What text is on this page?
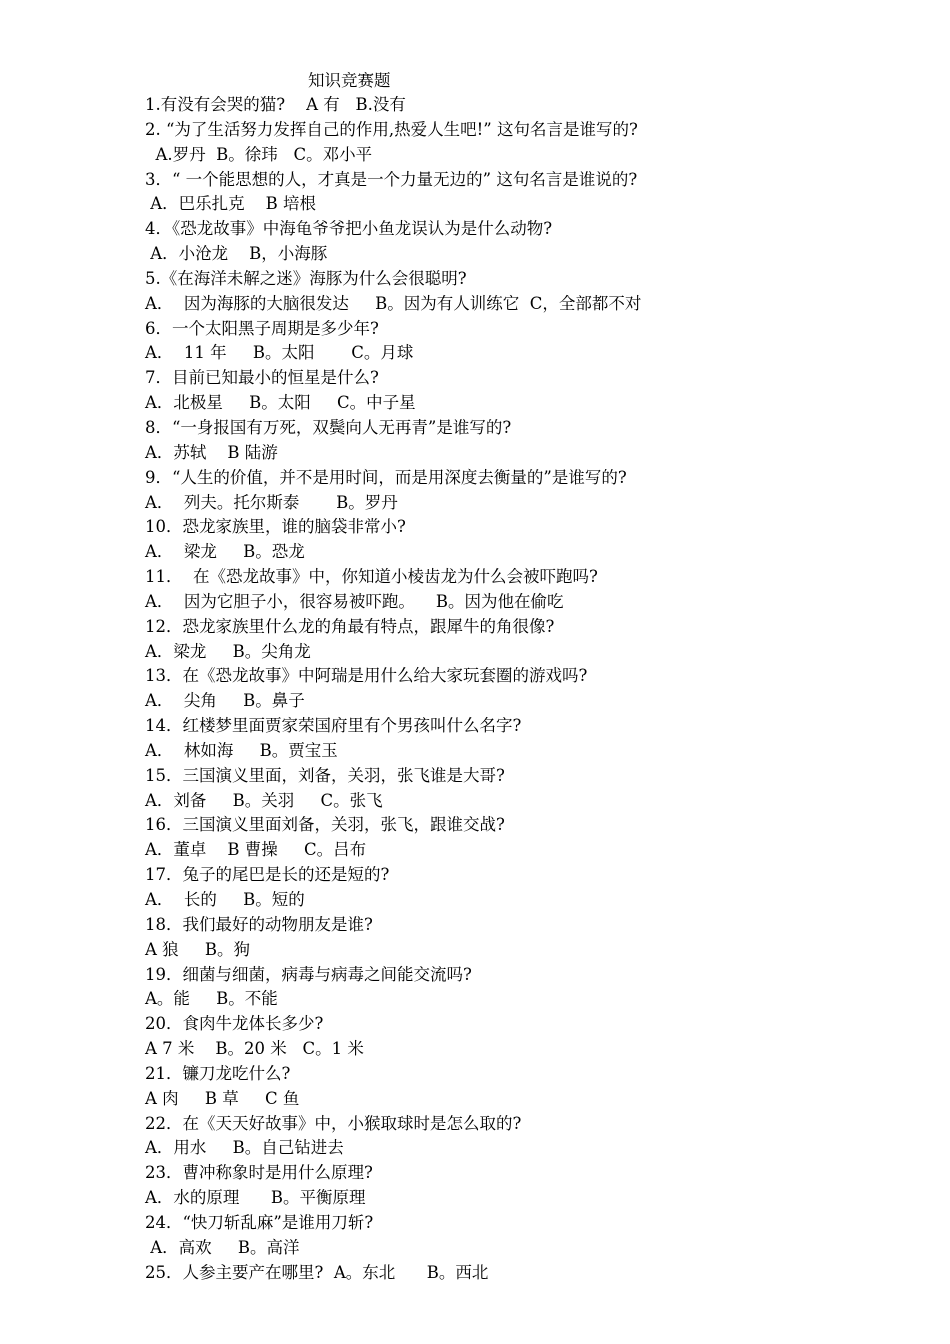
知识竞赛题
1.有没有会哭的猫?    A 有   B.没有
2. “为了生活努力发挥自己的作用,热爱人生吧!” 这句名言是谁写的?
A.罗丹  B。徐玮   C。邓小平
3．“ 一个能思想的人，才真是一个力量无边的” 这句名言是谁说的?
A．巴乐扎克    B 培根
4．《恐龙故事》中海龟爷爷把小鱼龙误认为是什么动物?
A．小沧龙    B，小海豚
5.《在海洋未解之迷》海豚为什么会很聪明?
A．  因为海豚的大脑很发达     B。因为有人训练它  C，全部都不对
6．一个太阳黑子周期是多少年?
A．  11 年     B。太阳       C。月球
7．目前已知最小的恒星是什么?
A．北极星     B。太阳     C。中子星
8．“一身报国有万死，双鬓向人无再青”是谁写的?
A．苏轼    B 陆游
9．“人生的价值，并不是用时间，而是用深度去衡量的”是谁写的?
A．  列夫。托尔斯泰       B。罗丹
10．恐龙家族里，谁的脑袋非常小?
A．  梁龙     B。恐龙
11．  在《恐龙故事》中，你知道小棱齿龙为什么会被吓跑吗?
A．  因为它胆子小，很容易被吓跑。    B。因为他在偷吃
12．恐龙家族里什么龙的角最有特点，跟犀牛的角很像?
A．梁龙     B。尖角龙
13．在《恐龙故事》中阿瑞是用什么给大家玩套圈的游戏吗?
A．  尖角     B。鼻子
14．红楼梦里面贾家荣国府里有个男孩叫什么名字?
A．  林如海     B。贾宝玉
15．三国演义里面，刘备，关羽，张飞谁是大哥?
A．刘备     B。关羽     C。张飞
16．三国演义里面刘备，关羽，张飞，跟谁交战?
A．董卓    B 曹操     C。吕布
17．兔子的尾巴是长的还是短的?
A．  长的     B。短的
18．我们最好的动物朋友是谁?
A 狼     B。狗
19．细菌与细菌，病毒与病毒之间能交流吗?
A。能     B。不能
20．食肉牛龙体长多少?
A 7 米    B。20 米   C。1 米
21．镰刀龙吃什么?
A 肉     B 草     C 鱼
22．在《天天好故事》中，小猴取球时是怎么取的?
A．用水     B。自己钻进去
23．曹冲称象时是用什么原理?
A．水的原理      B。平衡原理
24．“快刀斩乱麻”是谁用刀斩?
A．高欢     B。高洋
25．人参主要产在哪里?  A。东北      B。西北
